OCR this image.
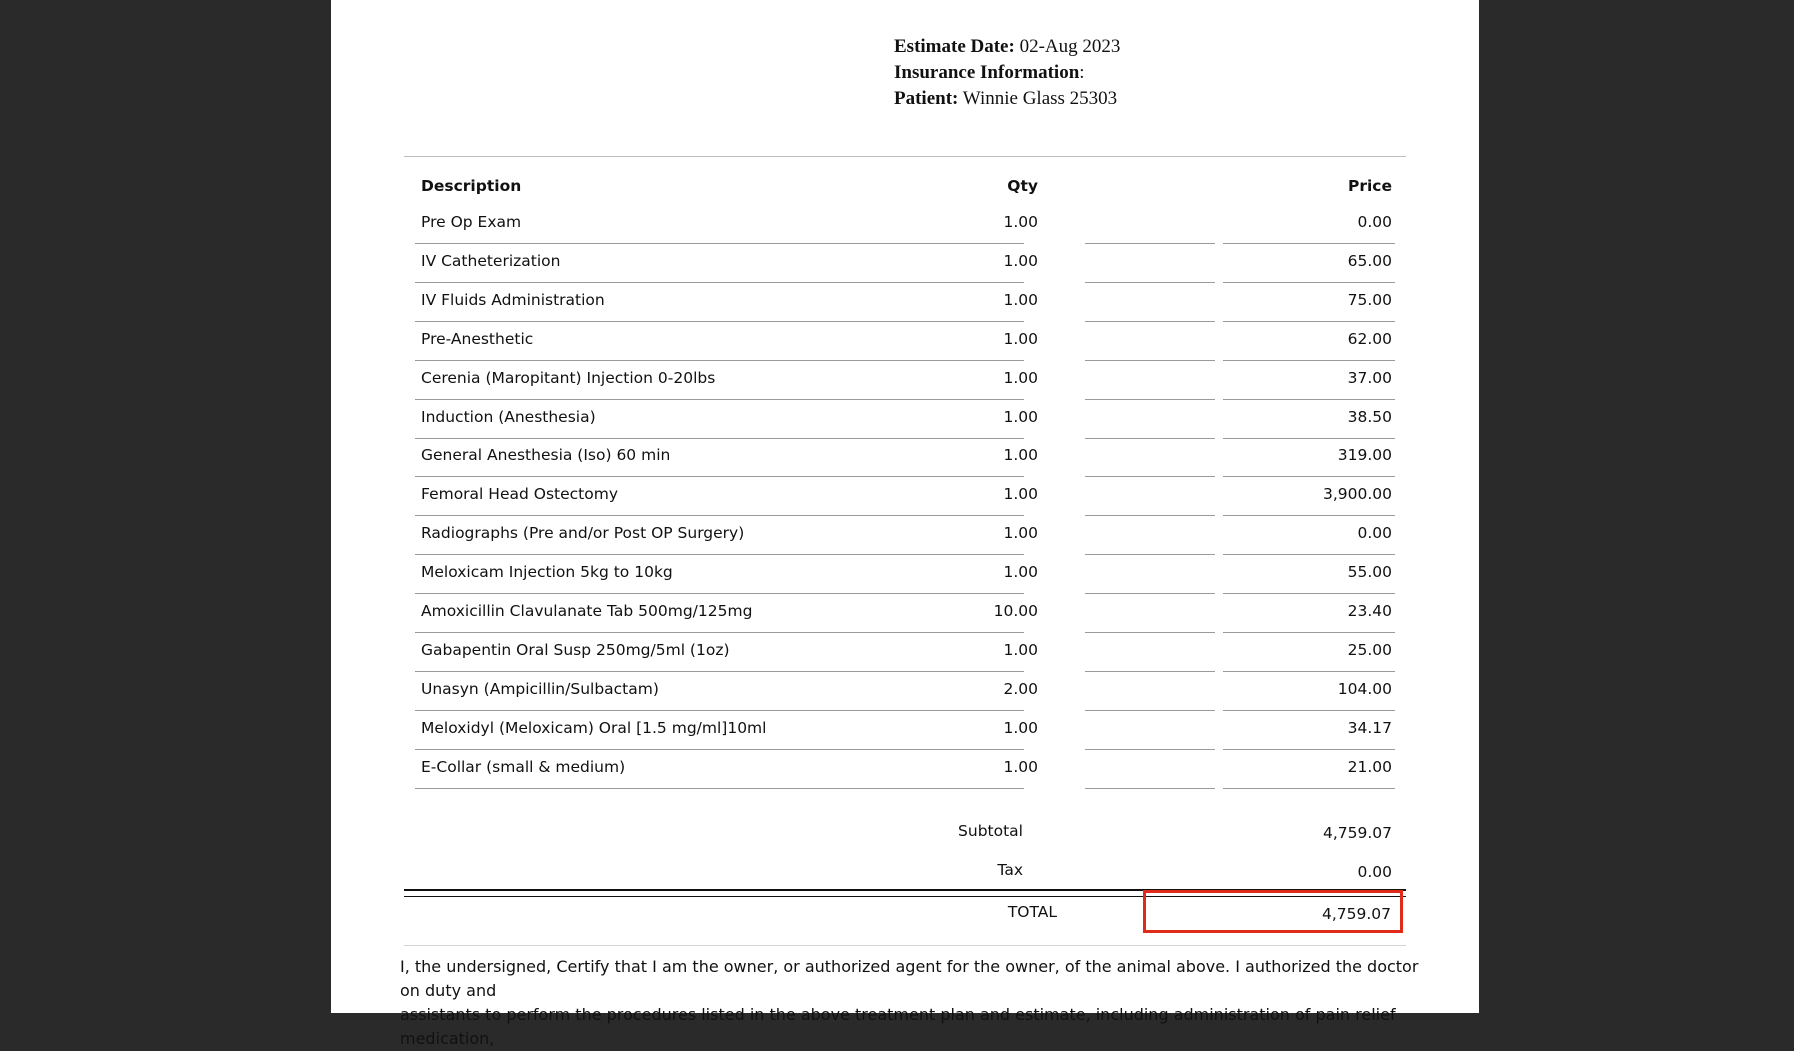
Estimate Date: 02-Aug 2023
Insurance Information:
Patient: Winnie Glass 25303
Description	Qty	Price
Pre Op Exam	1.00	0.00
IV Catheterization	1.00	65.00
IV Fluids Administration	1.00	75.00
Pre-Anesthetic	1.00	62.00
Cerenia (Maropitant) Injection 0-20lbs	1.00	37.00
Induction (Anesthesia)	1.00	38.50
General Anesthesia (Iso) 60 min	1.00	319.00
Femoral Head Ostectomy	1.00	3,900.00
Radiographs (Pre and/or Post OP Surgery)	1.00	0.00
Meloxicam Injection 5kg to 10kg	1.00	55.00
Amoxicillin Clavulanate Tab 500mg/125mg	10.00	23.40
Gabapentin Oral Susp 250mg/5ml (1oz)	1.00	25.00
Unasyn (Ampicillin/Sulbactam)	2.00	104.00
Meloxidyl (Meloxicam) Oral [1.5 mg/ml]10ml	1.00	34.17
E-Collar (small & medium)	1.00	21.00
Subtotal	4,759.07
Tax	0.00
TOTAL	4,759.07
I, the undersigned, Certify that I am the owner, or authorized agent for the owner, of the animal above. I authorized the doctor on duty and
assistants to perform the procedures listed in the above treatment plan and estimate, including administration of pain relief medication,
